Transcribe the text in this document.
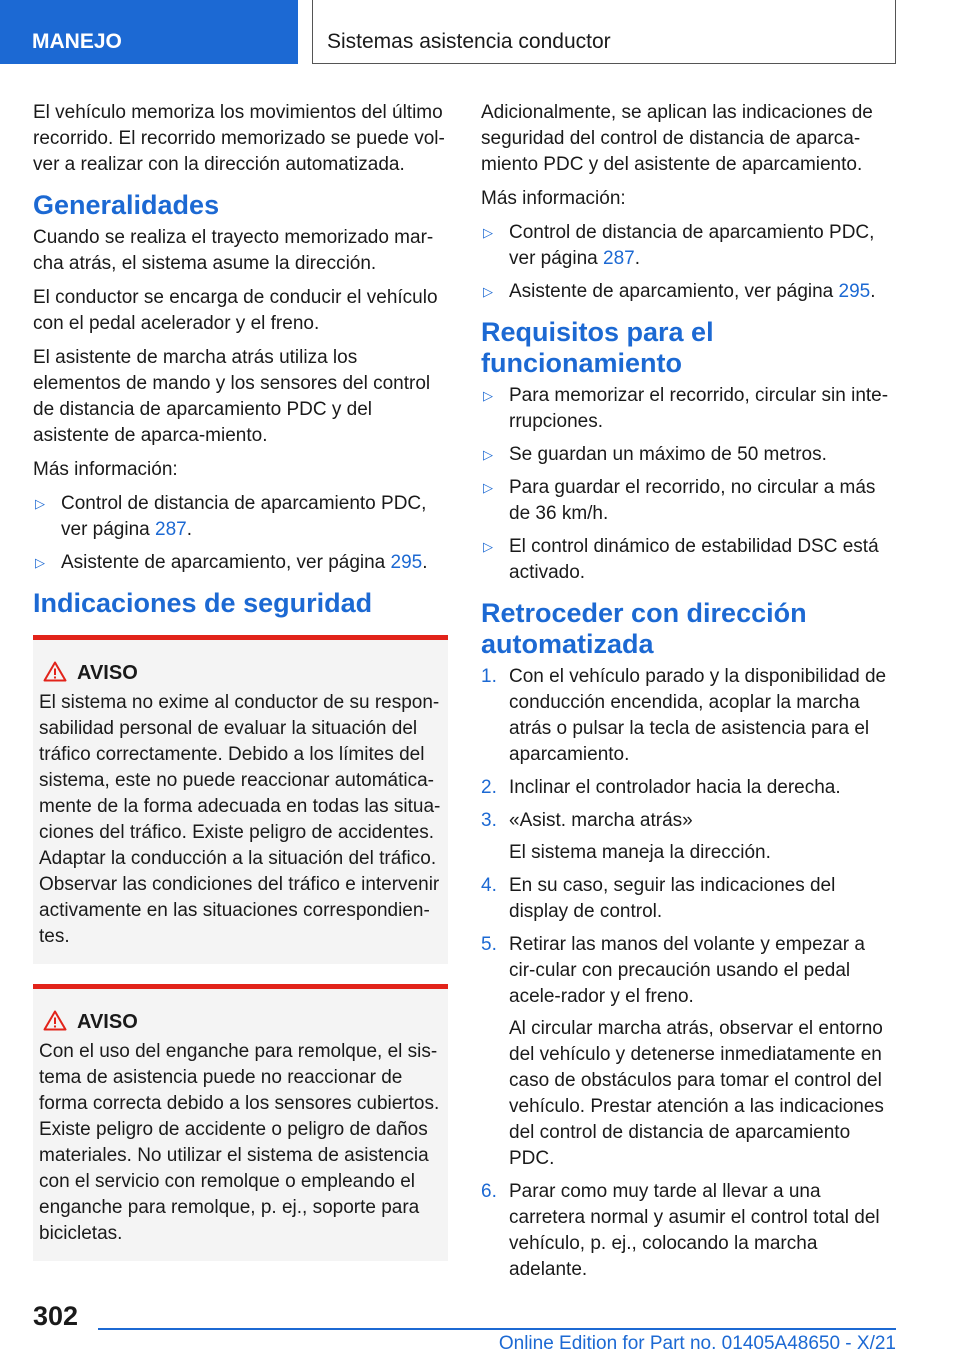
MANEJO	Sistemas asistencia conductor

El vehículo memoriza los movimientos del último recorrido. El recorrido memorizado se puede vol-ver a realizar con la dirección automatizada.

Generalidades

Cuando se realiza el trayecto memorizado mar-cha atrás, el sistema asume la dirección.

El conductor se encarga de conducir el vehículo con el pedal acelerador y el freno.

El asistente de marcha atrás utiliza los elementos de mando y los sensores del control de distancia de aparcamiento PDC y del asistente de aparca-miento.

Más información:

▷ Control de distancia de aparcamiento PDC, ver página 287.
▷ Asistente de aparcamiento, ver página 295.
Indicaciones de seguridad
AVISO

El sistema no exime al conductor de su respon-sabilidad personal de evaluar la situación del tráfico correctamente. Debido a los límites del sistema, este no puede reaccionar automática-mente de la forma adecuada en todas las situa-ciones del tráfico. Existe peligro de accidentes. Adaptar la conducción a la situación del tráfico. Observar las condiciones del tráfico e intervenir activamente en las situaciones correspondien-tes.

AVISO

Con el uso del enganche para remolque, el sis-tema de asistencia puede no reaccionar de forma correcta debido a los sensores cubiertos. Existe peligro de accidente o peligro de daños materiales. No utilizar el sistema de asistencia con el servicio con remolque o empleando el enganche para remolque, p. ej., soporte para bicicletas.

Adicionalmente, se aplican las indicaciones de seguridad del control de distancia de aparca-miento PDC y del asistente de aparcamiento.

Más información:

▷ Control de distancia de aparcamiento PDC, ver página 287.
▷ Asistente de aparcamiento, ver página 295.
Requisitos para el funcionamiento
▷ Para memorizar el recorrido, circular sin inte-rrupciones.
▷ Se guardan un máximo de 50 metros.
▷ Para guardar el recorrido, no circular a más de 36 km/h.
▷ El control dinámico de estabilidad DSC está activado.
Retroceder con dirección automatizada
1. Con el vehículo parado y la disponibilidad de conducción encendida, acoplar la marcha atrás o pulsar la tecla de asistencia para el aparcamiento.
2. Inclinar el controlador hacia la derecha.
3. «Asist. marcha atrás»
El sistema maneja la dirección.
4. En su caso, seguir las indicaciones del display de control.
5. Retirar las manos del volante y empezar a cir-cular con precaución usando el pedal acele-rador y el freno.
Al circular marcha atrás, observar el entorno del vehículo y detenerse inmediatamente en caso de obstáculos para tomar el control del vehículo. Prestar atención a las indicaciones del control de distancia de aparcamiento PDC.
6. Parar como muy tarde al llevar a una carretera normal y asumir el control total del vehículo, p. ej., colocando la marcha adelante.
302
Online Edition for Part no. 01405A48650 - X/21
